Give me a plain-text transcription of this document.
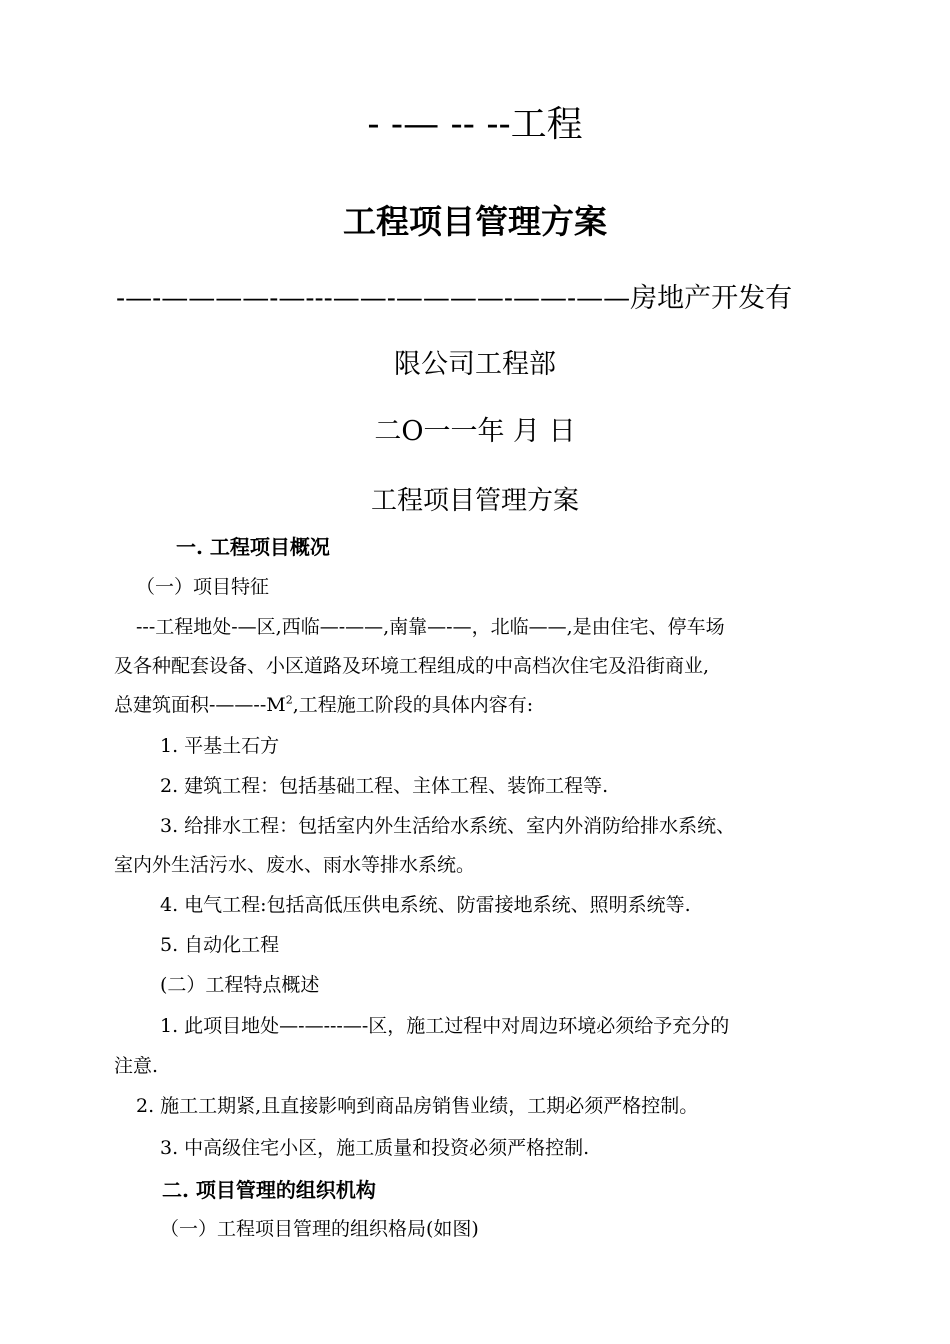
- -— -- --工程
工程项目管理方案
-—-————-—---——-————-——-——房地产开发有
限公司工程部
二O一一年 月 日
工程项目管理方案
一. 工程项目概况
（一）项目特征
---工程地处-—区,西临—-——,南靠—-—，北临——,是由住宅、停车场
及各种配套设备、小区道路及环境工程组成的中高档次住宅及沿街商业,
总建筑面积$-——--M^2$,工程施工阶段的具体内容有:
1. 平基土石方
2. 建筑工程：包括基础工程、主体工程、装饰工程等.
3. 给排水工程：包括室内外生活给水系统、室内外消防给排水系统、
室内外生活污水、废水、雨水等排水系统。
4. 电气工程:包括高低压供电系统、防雷接地系统、照明系统等.
5. 自动化工程
(二）工程特点概述
1. 此项目地处—-—---—-区，施工过程中对周边环境必须给予充分的
注意.
2. 施工工期紧,且直接影响到商品房销售业绩，工期必须严格控制。
3. 中高级住宅小区，施工质量和投资必须严格控制.
二. 项目管理的组织机构
（一）工程项目管理的组织格局(如图)
